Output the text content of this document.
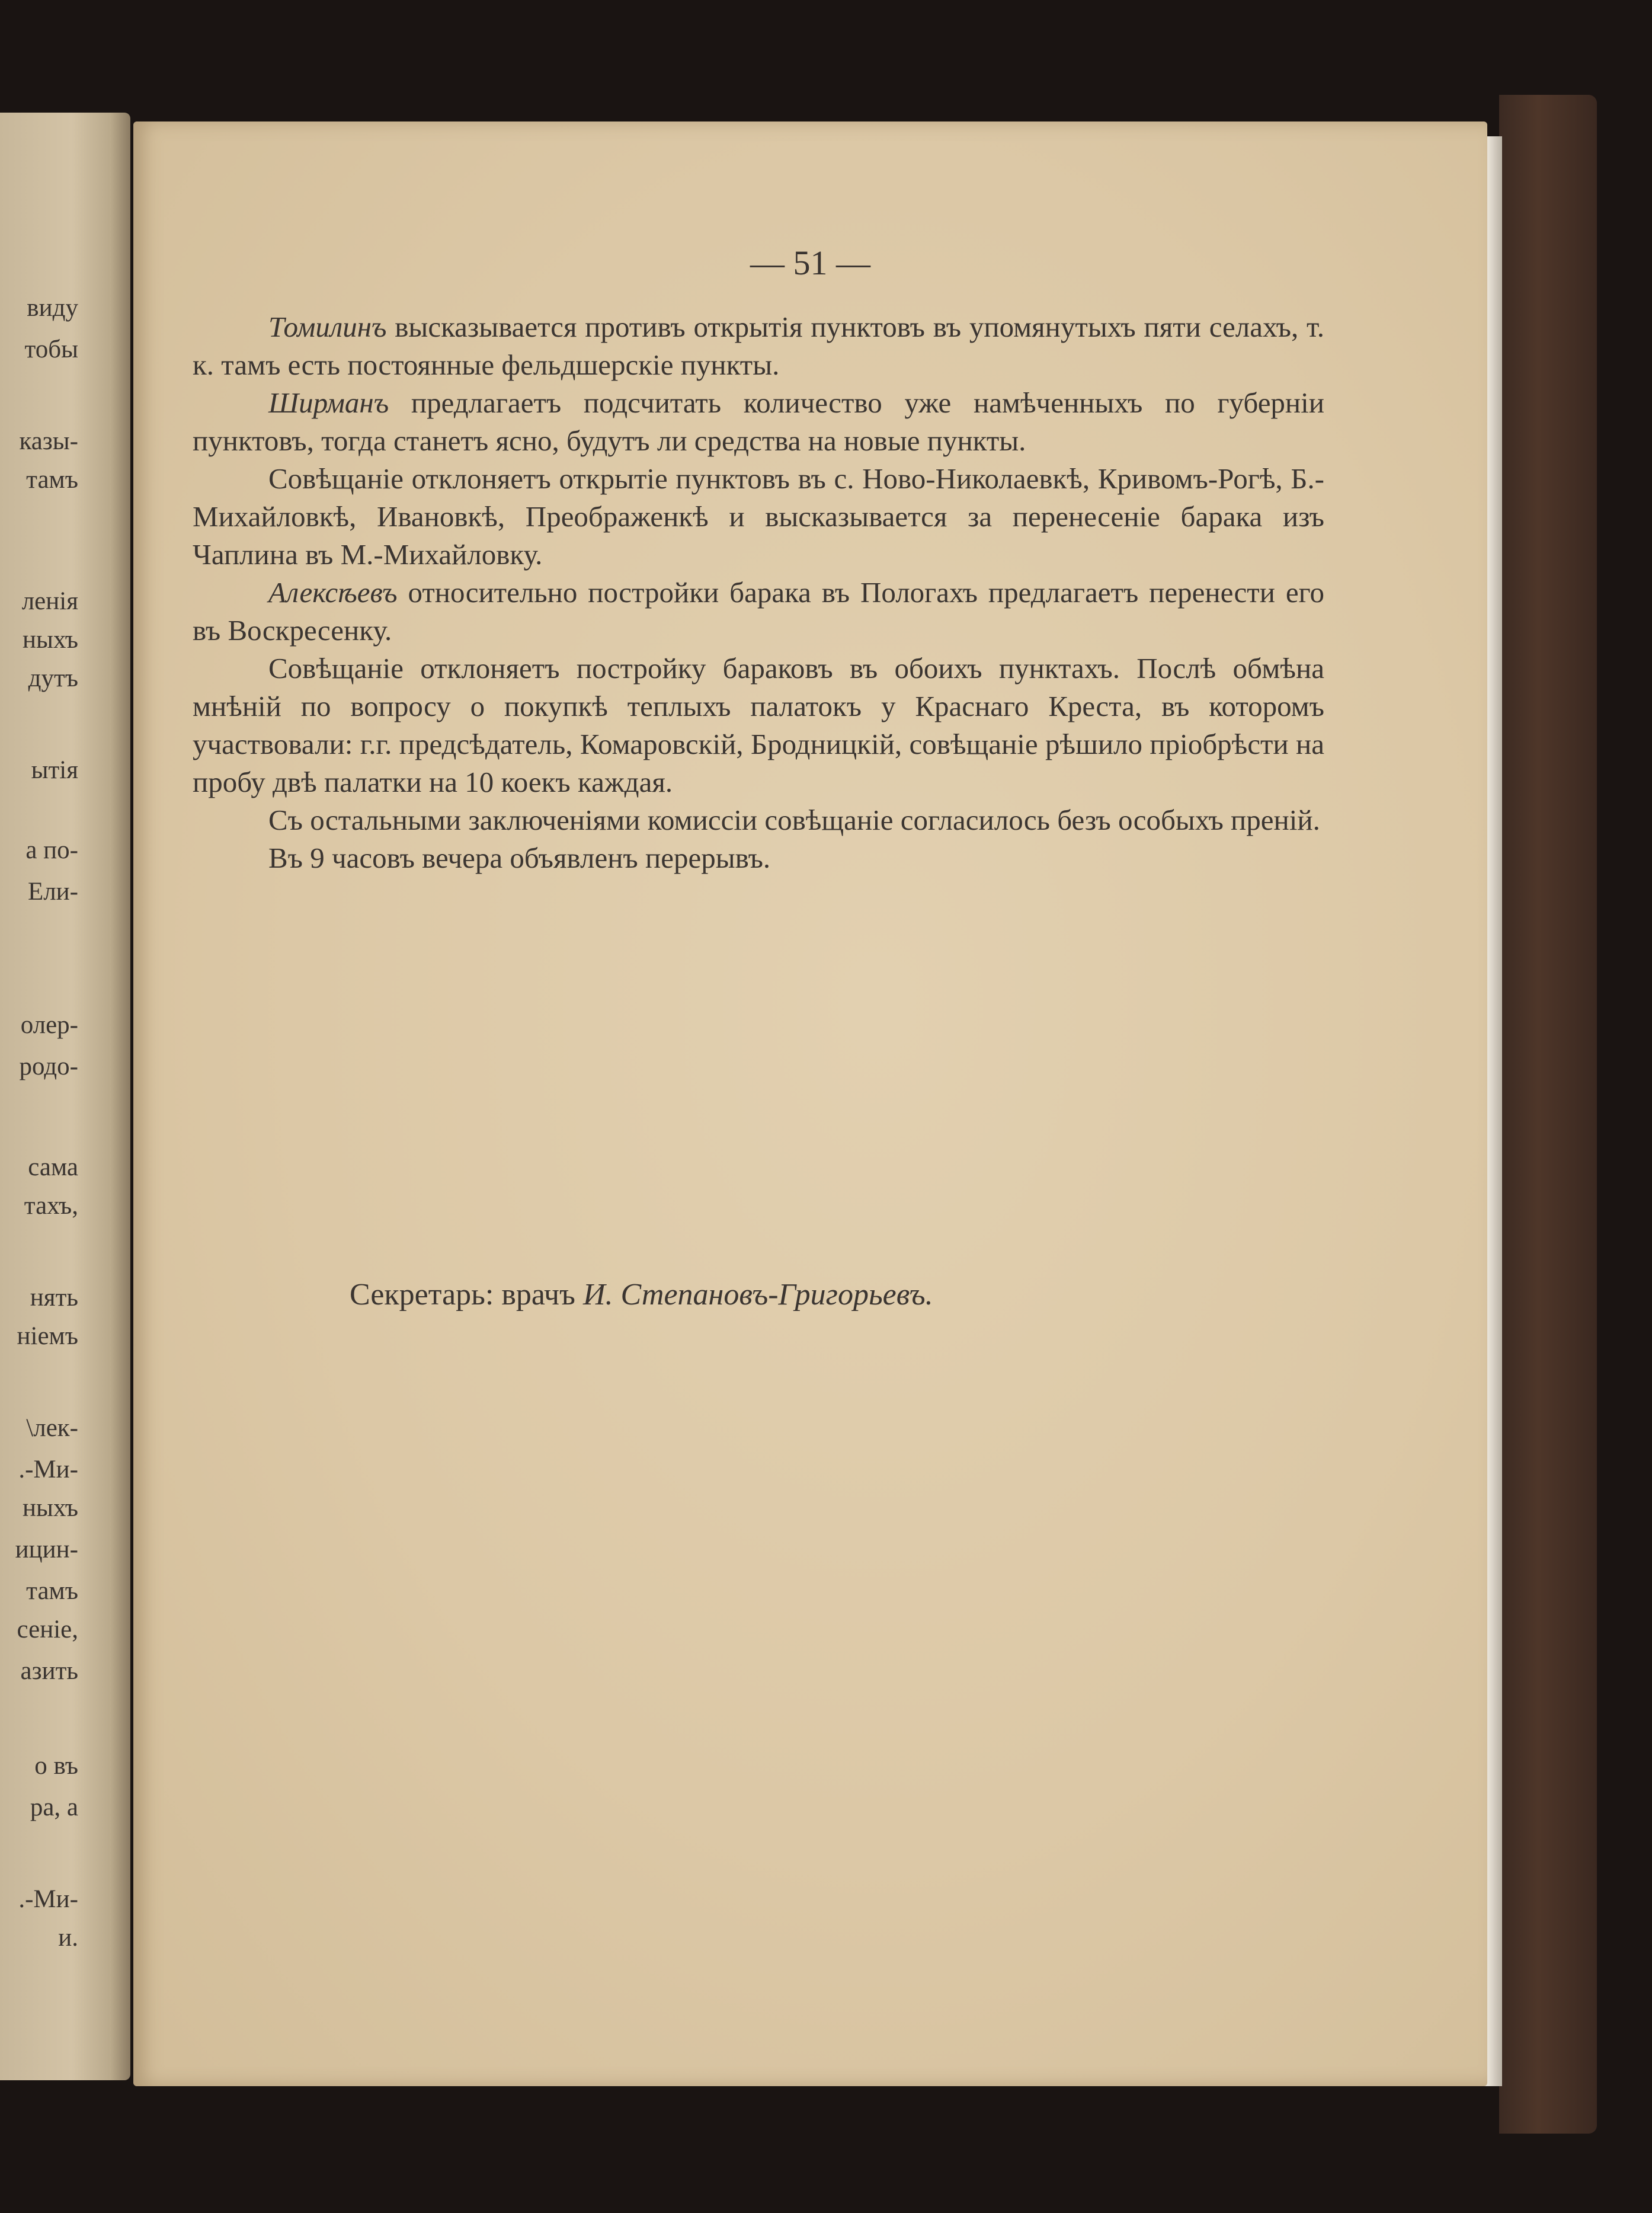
виду
тобы
казы-
тамъ
ленія
ныхъ
дутъ
ытія
а по-
Ели-
олер-
родо-
сама
тахъ,
нять
ніемъ
\лек-
.-Ми-
ныхъ
ицин-
тамъ
сеніе,
азить
о въ
ра, а
.-Ми-
и.
— 51 —

Томилинъ высказывается противъ открытія пунктовъ въ упомянутыхъ пяти селахъ, т. к. тамъ есть постоянные фельдшерскіе пункты.

Ширманъ предлагаетъ подсчитать количество уже намѣченныхъ по губерніи пунктовъ, тогда станетъ ясно, будутъ ли средства на новые пункты.

Совѣщаніе отклоняетъ открытіе пунктовъ въ с. Ново-Николаевкѣ, Кривомъ-Рогѣ, Б.-Михайловкѣ, Ивановкѣ, Преображенкѣ и высказывается за перенесеніе барака изъ Чаплина въ М.-Михайловку.

Алексѣевъ относительно постройки барака въ Пологахъ предлагаетъ перенести его въ Воскресенку.

Совѣщаніе отклоняетъ постройку бараковъ въ обоихъ пунктахъ. Послѣ обмѣна мнѣній по вопросу о покупкѣ теплыхъ палатокъ у Краснаго Креста, въ которомъ участвовали: г.г. предсѣдатель, Комаровскій, Бродницкій, совѣщаніе рѣшило пріобрѣсти на пробу двѣ палатки на 10 коекъ каждая.

Съ остальными заключеніями комиссіи совѣщаніе согласилось безъ особыхъ преній.

Въ 9 часовъ вечера объявленъ перерывъ.

Секретарь: врачъ И. Степановъ-Григорьевъ.
